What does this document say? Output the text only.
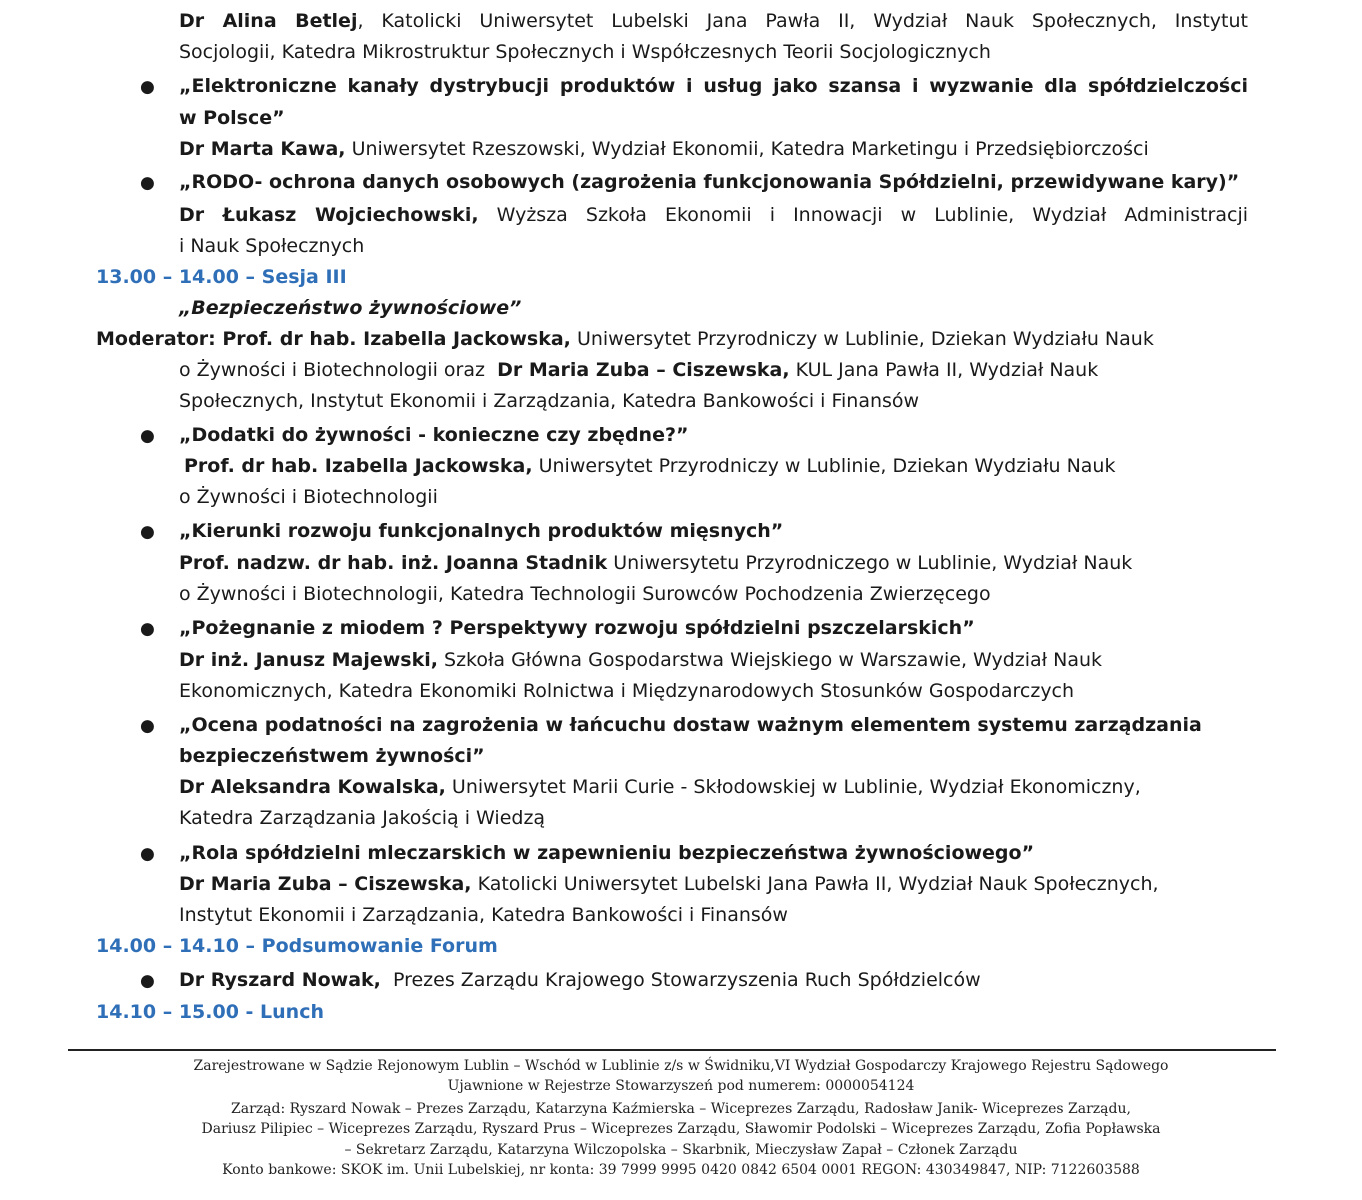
Dr Alina Betlej, Katolicki Uniwersytet Lubelski Jana Pawła II, Wydział Nauk Społecznych, Instytut
Socjologii, Katedra Mikrostruktur Społecznych i Współczesnych Teorii Socjologicznych
● „Elektroniczne kanały dystrybucji produktów i usług jako szansa i wyzwanie dla spółdzielczości
w Polsce”
Dr Marta Kawa, Uniwersytet Rzeszowski, Wydział Ekonomii, Katedra Marketingu i Przedsiębiorczości
● „RODO- ochrona danych osobowych (zagrożenia funkcjonowania Spółdzielni, przewidywane kary)”
Dr Łukasz Wojciechowski, Wyższa Szkoła Ekonomii i Innowacji w Lublinie, Wydział Administracji
i Nauk Społecznych
13.00 – 14.00 – Sesja III
„Bezpieczeństwo żywnościowe”
Moderator: Prof. dr hab. Izabella Jackowska, Uniwersytet Przyrodniczy w Lublinie, Dziekan Wydziału Nauk
o Żywności i Biotechnologii oraz Dr Maria Zuba – Ciszewska, KUL Jana Pawła II, Wydział Nauk
Społecznych, Instytut Ekonomii i Zarządzania, Katedra Bankowości i Finansów
● „Dodatki do żywności - konieczne czy zbędne?”
Prof. dr hab. Izabella Jackowska, Uniwersytet Przyrodniczy w Lublinie, Dziekan Wydziału Nauk
o Żywności i Biotechnologii
● „Kierunki rozwoju funkcjonalnych produktów mięsnych”
Prof. nadzw. dr hab. inż. Joanna Stadnik Uniwersytetu Przyrodniczego w Lublinie, Wydział Nauk
o Żywności i Biotechnologii, Katedra Technologii Surowców Pochodzenia Zwierzęcego
● „Pożegnanie z miodem ? Perspektywy rozwoju spółdzielni pszczelarskich”
Dr inż. Janusz Majewski, Szkoła Główna Gospodarstwa Wiejskiego w Warszawie, Wydział Nauk
Ekonomicznych, Katedra Ekonomiki Rolnictwa i Międzynarodowych Stosunków Gospodarczych
● „Ocena podatności na zagrożenia w łańcuchu dostaw ważnym elementem systemu zarządzania
bezpieczeństwem żywności”
Dr Aleksandra Kowalska, Uniwersytet Marii Curie - Skłodowskiej w Lublinie, Wydział Ekonomiczny,
Katedra Zarządzania Jakością i Wiedzą
● „Rola spółdzielni mleczarskich w zapewnieniu bezpieczeństwa żywnościowego”
Dr Maria Zuba – Ciszewska, Katolicki Uniwersytet Lubelski Jana Pawła II, Wydział Nauk Społecznych,
Instytut Ekonomii i Zarządzania, Katedra Bankowości i Finansów
14.00 – 14.10 – Podsumowanie Forum
● Dr Ryszard Nowak, Prezes Zarządu Krajowego Stowarzyszenia Ruch Spółdzielców
14.10 – 15.00 - Lunch
Zarejestrowane w Sądzie Rejonowym Lublin – Wschód w Lublinie z/s w Świdniku,VI Wydział Gospodarczy Krajowego Rejestru Sądowego
Ujawnione w Rejestrze Stowarzyszeń pod numerem: 0000054124
Zarząd: Ryszard Nowak – Prezes Zarządu, Katarzyna Kaźmierska – Wiceprezes Zarządu, Radosław Janik- Wiceprezes Zarządu,
Dariusz Pilipiec – Wiceprezes Zarządu, Ryszard Prus – Wiceprezes Zarządu, Sławomir Podolski – Wiceprezes Zarządu, Zofia Popławska
– Sekretarz Zarządu, Katarzyna Wilczopolska – Skarbnik, Mieczysław Zapał – Członek Zarządu
Konto bankowe: SKOK im. Unii Lubelskiej, nr konta: 39 7999 9995 0420 0842 6504 0001 REGON: 430349847, NIP: 7122603588
